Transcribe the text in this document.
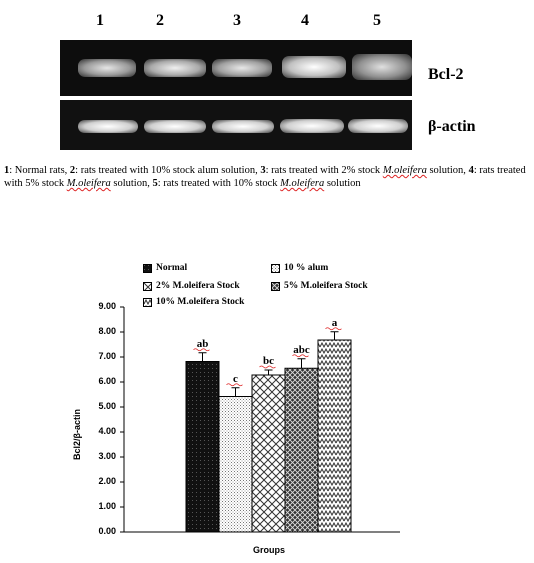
1	2	3	4	5
Bcl-2
β-actin
1: Normal rats, 2: rats treated with 10% stock alum solution, 3: rats treated with 2% stock M.oleifera solution, 4: rats treated with 5% stock M.oleifera solution, 5: rats treated with 10% stock M.oleifera solution
Normal	10 % alum
2% M.oleifera Stock	5% M.oleifera Stock
10% M.oleifera Stock
Bcl2/β-actin
0.00
1.00
2.00
3.00
4.00
5.00
6.00
7.00
8.00
9.00
ab
c
bc
abc
a
Groups
